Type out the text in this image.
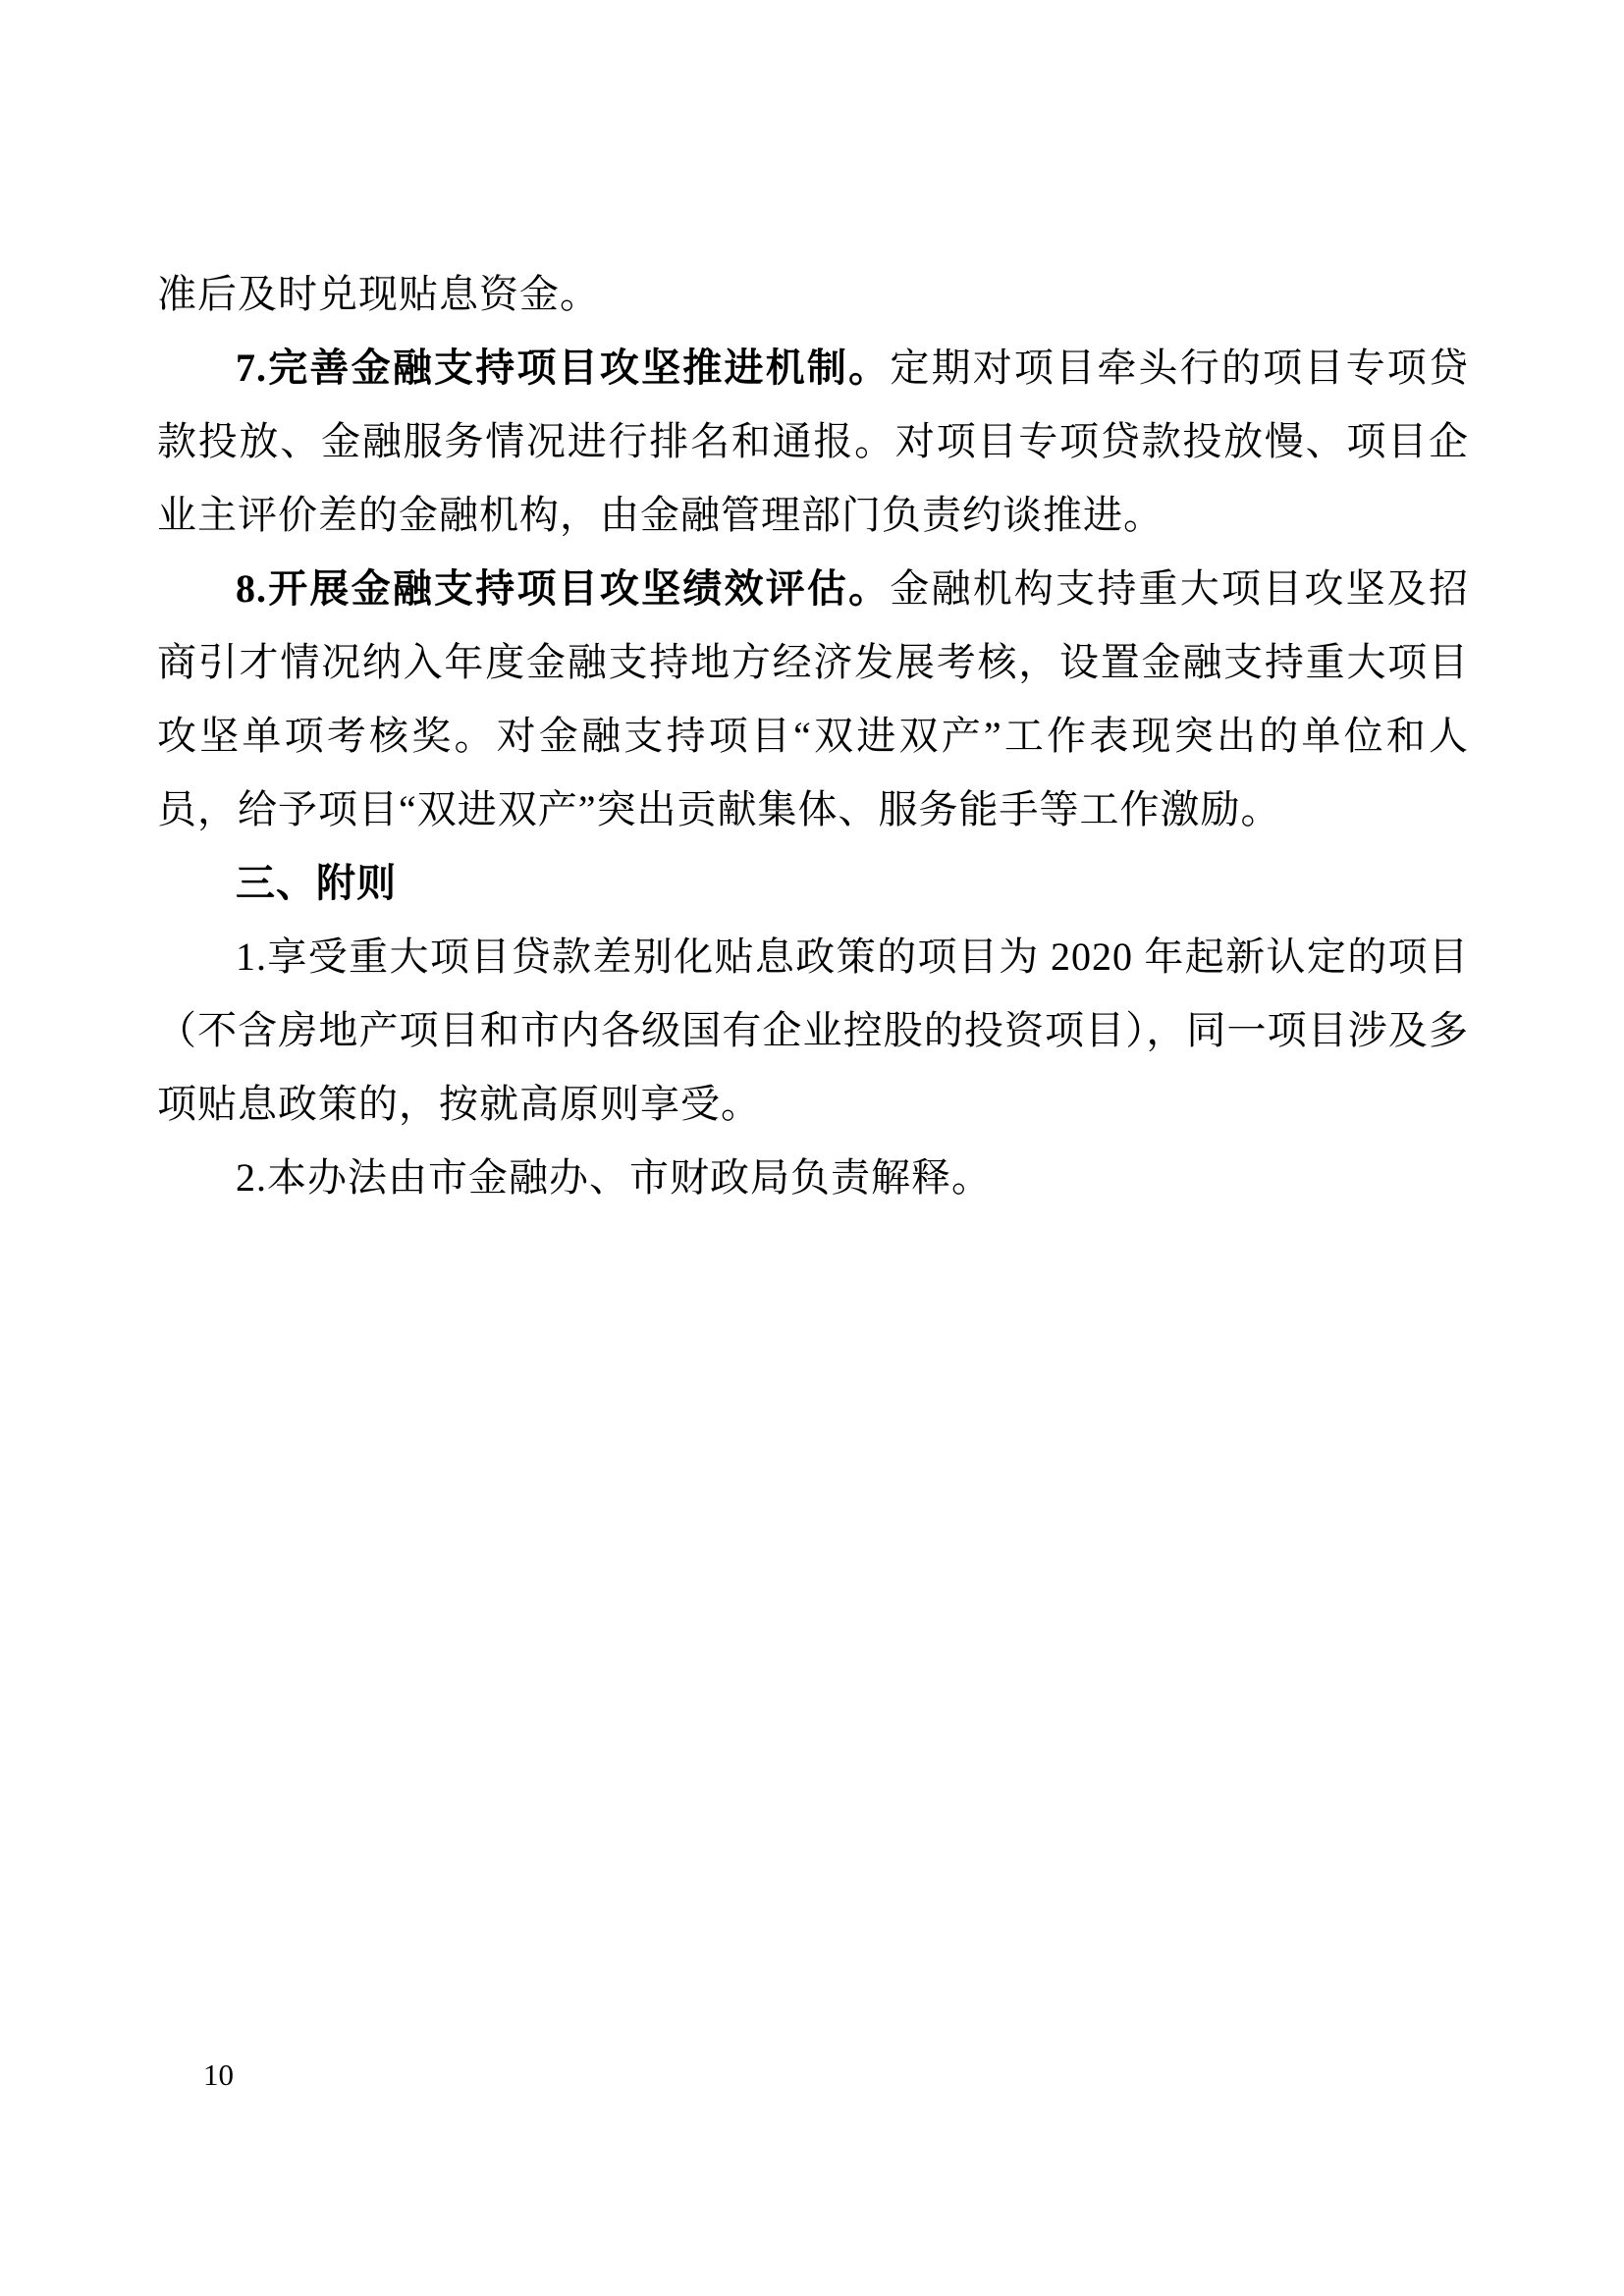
准后及时兑现贴息资金。

7.完善金融支持项目攻坚推进机制。定期对项目牵头行的项目专项贷款投放、金融服务情况进行排名和通报。对项目专项贷款投放慢、项目企业主评价差的金融机构，由金融管理部门负责约谈推进。

8.开展金融支持项目攻坚绩效评估。金融机构支持重大项目攻坚及招商引才情况纳入年度金融支持地方经济发展考核，设置金融支持重大项目攻坚单项考核奖。对金融支持项目“双进双产”工作表现突出的单位和人员，给予项目“双进双产”突出贡献集体、服务能手等工作激励。

三、附则

1.享受重大项目贷款差别化贴息政策的项目为 2020 年起新认定的项目（不含房地产项目和市内各级国有企业控股的投资项目），同一项目涉及多项贴息政策的，按就高原则享受。

2.本办法由市金融办、市财政局负责解释。

10
